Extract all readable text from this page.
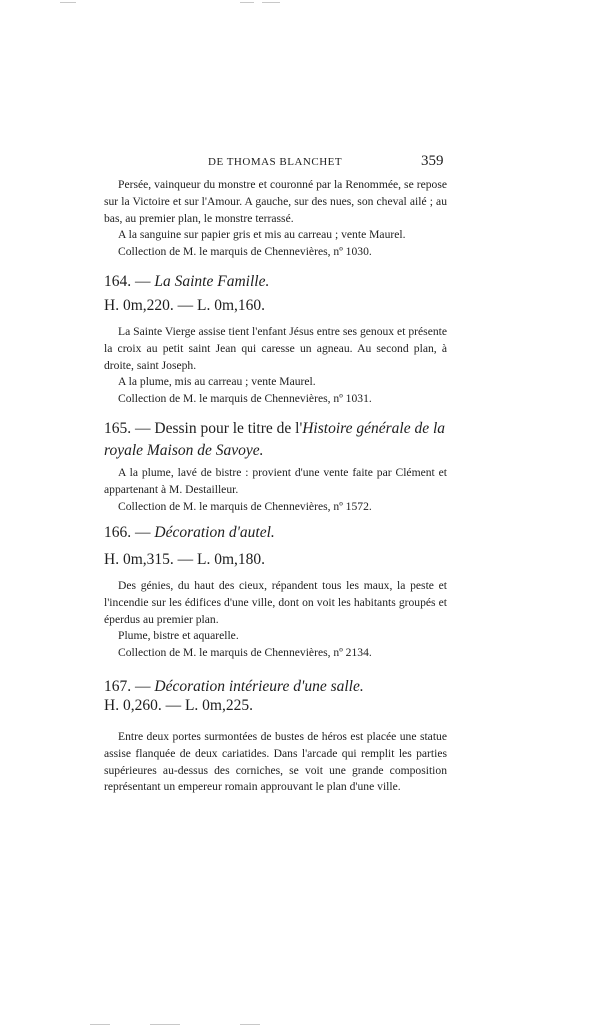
DE THOMAS BLANCHET	359

Persée, vainqueur du monstre et couronné par la Renommée, se repose sur la Victoire et sur l'Amour. A gauche, sur des nues, son cheval ailé ; au bas, au premier plan, le monstre terrassé.

A la sanguine sur papier gris et mis au carreau ; vente Maurel.

Collection de M. le marquis de Chennevières, nº 1030.

164. — La Sainte Famille.
H. 0m,220. — L. 0m,160.

La Sainte Vierge assise tient l'enfant Jésus entre ses genoux et présente la croix au petit saint Jean qui caresse un agneau. Au second plan, à droite, saint Joseph.

A la plume, mis au carreau ; vente Maurel.

Collection de M. le marquis de Chennevières, nº 1031.

165. — Dessin pour le titre de l'Histoire générale de la royale Maison de Savoye.

A la plume, lavé de bistre : provient d'une vente faite par Clément et appartenant à M. Destailleur.

Collection de M. le marquis de Chennevières, nº 1572.

166. — Décoration d'autel.
H. 0m,315. — L. 0m,180.

Des génies, du haut des cieux, répandent tous les maux, la peste et l'incendie sur les édifices d'une ville, dont on voit les habitants groupés et éperdus au premier plan.

Plume, bistre et aquarelle.

Collection de M. le marquis de Chennevières, nº 2134.

167. — Décoration intérieure d'une salle.
H. 0,260. — L. 0m,225.

Entre deux portes surmontées de bustes de héros est placée une statue assise flanquée de deux cariatides. Dans l'arcade qui remplit les parties supérieures au-dessus des corniches, se voit une grande composition représentant un empereur romain approuvant le plan d'une ville.
